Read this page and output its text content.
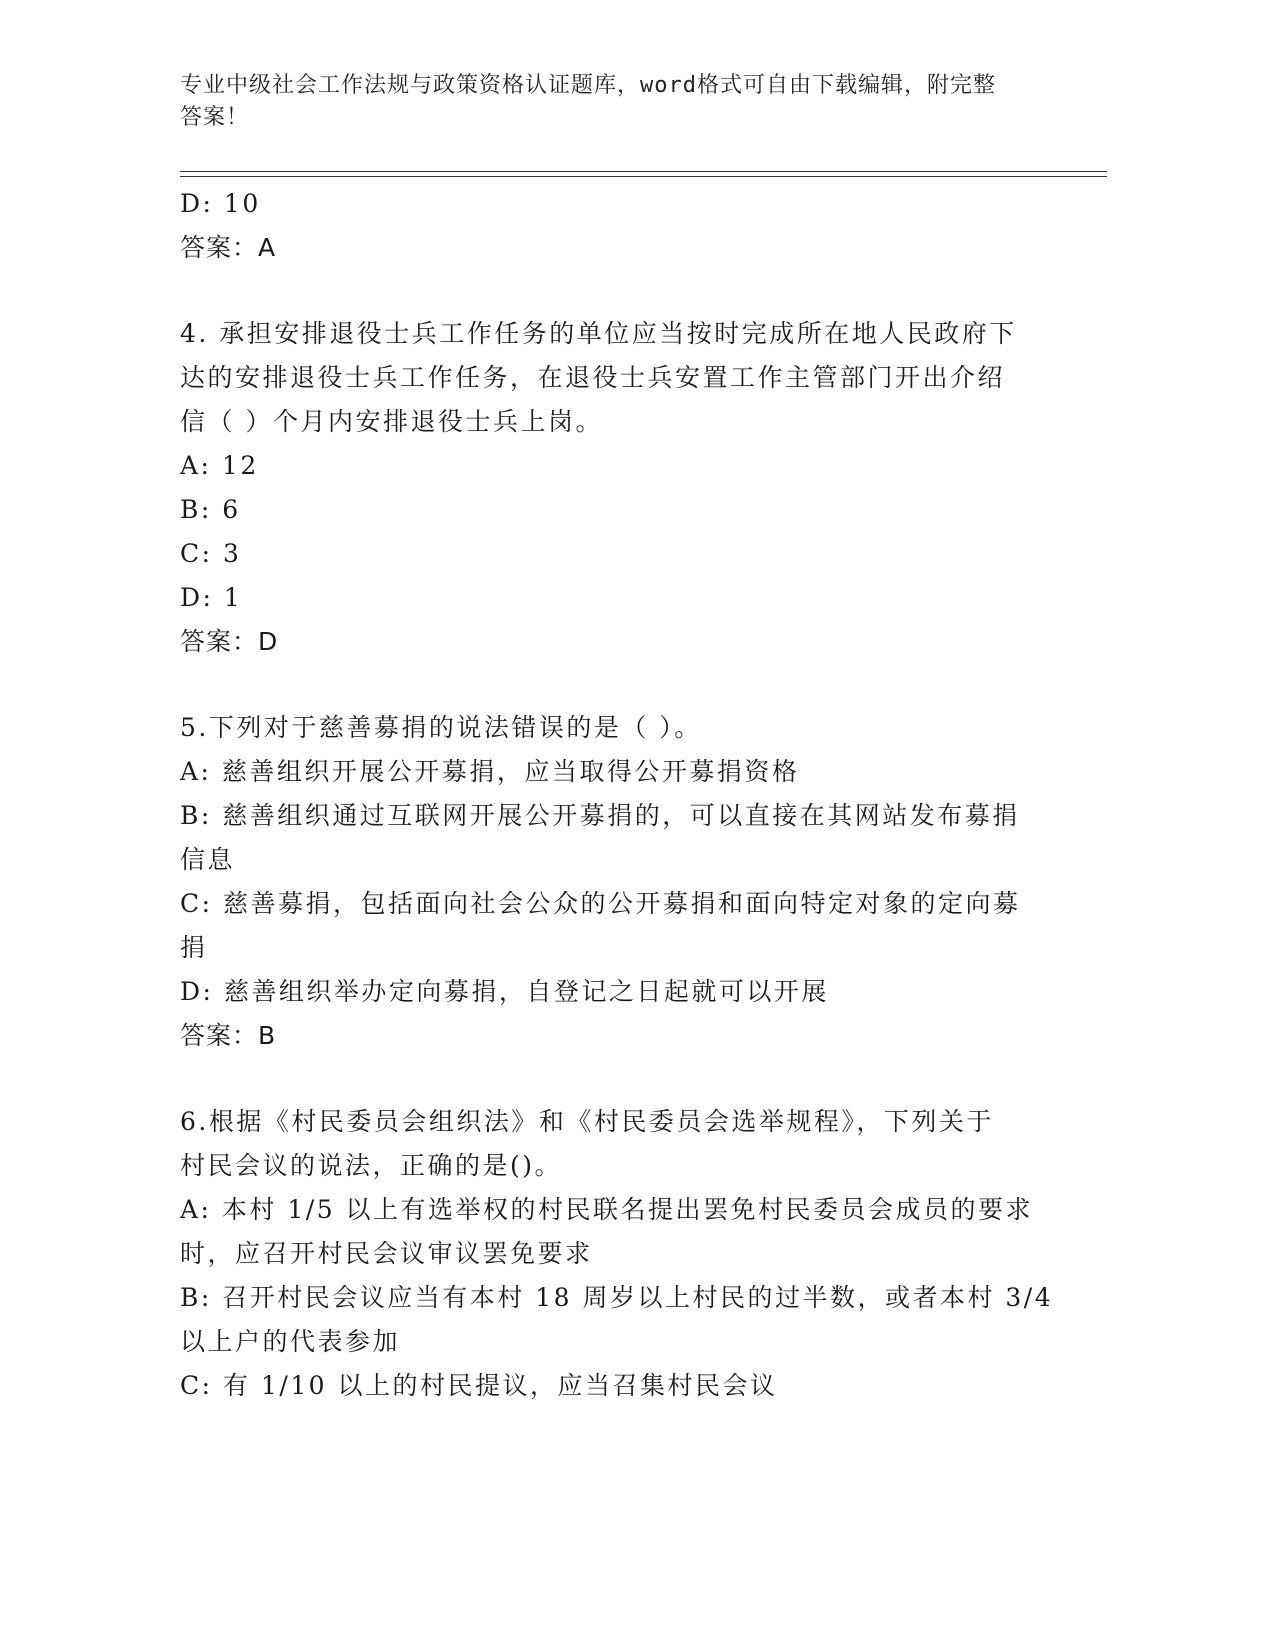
专业中级社会工作法规与政策资格认证题库，word格式可自由下载编辑，附完整
答案！
D: 10
答案：A
4. 承担安排退役士兵工作任务的单位应当按时完成所在地人民政府下
达的安排退役士兵工作任务，在退役士兵安置工作主管部门开出介绍
信（ ）个月内安排退役士兵上岗。
A: 12
B: 6
C: 3
D: 1
答案：D
5.下列对于慈善募捐的说法错误的是（ ）。
A: 慈善组织开展公开募捐，应当取得公开募捐资格
B: 慈善组织通过互联网开展公开募捐的，可以直接在其网站发布募捐
信息
C: 慈善募捐，包括面向社会公众的公开募捐和面向特定对象的定向募
捐
D: 慈善组织举办定向募捐，自登记之日起就可以开展
答案：B
6.根据《村民委员会组织法》和《村民委员会选举规程》，下列关于
村民会议的说法，正确的是()。
A: 本村 1/5 以上有选举权的村民联名提出罢免村民委员会成员的要求
时，应召开村民会议审议罢免要求
B: 召开村民会议应当有本村 18 周岁以上村民的过半数，或者本村 3/4
以上户的代表参加
C: 有 1/10 以上的村民提议，应当召集村民会议
